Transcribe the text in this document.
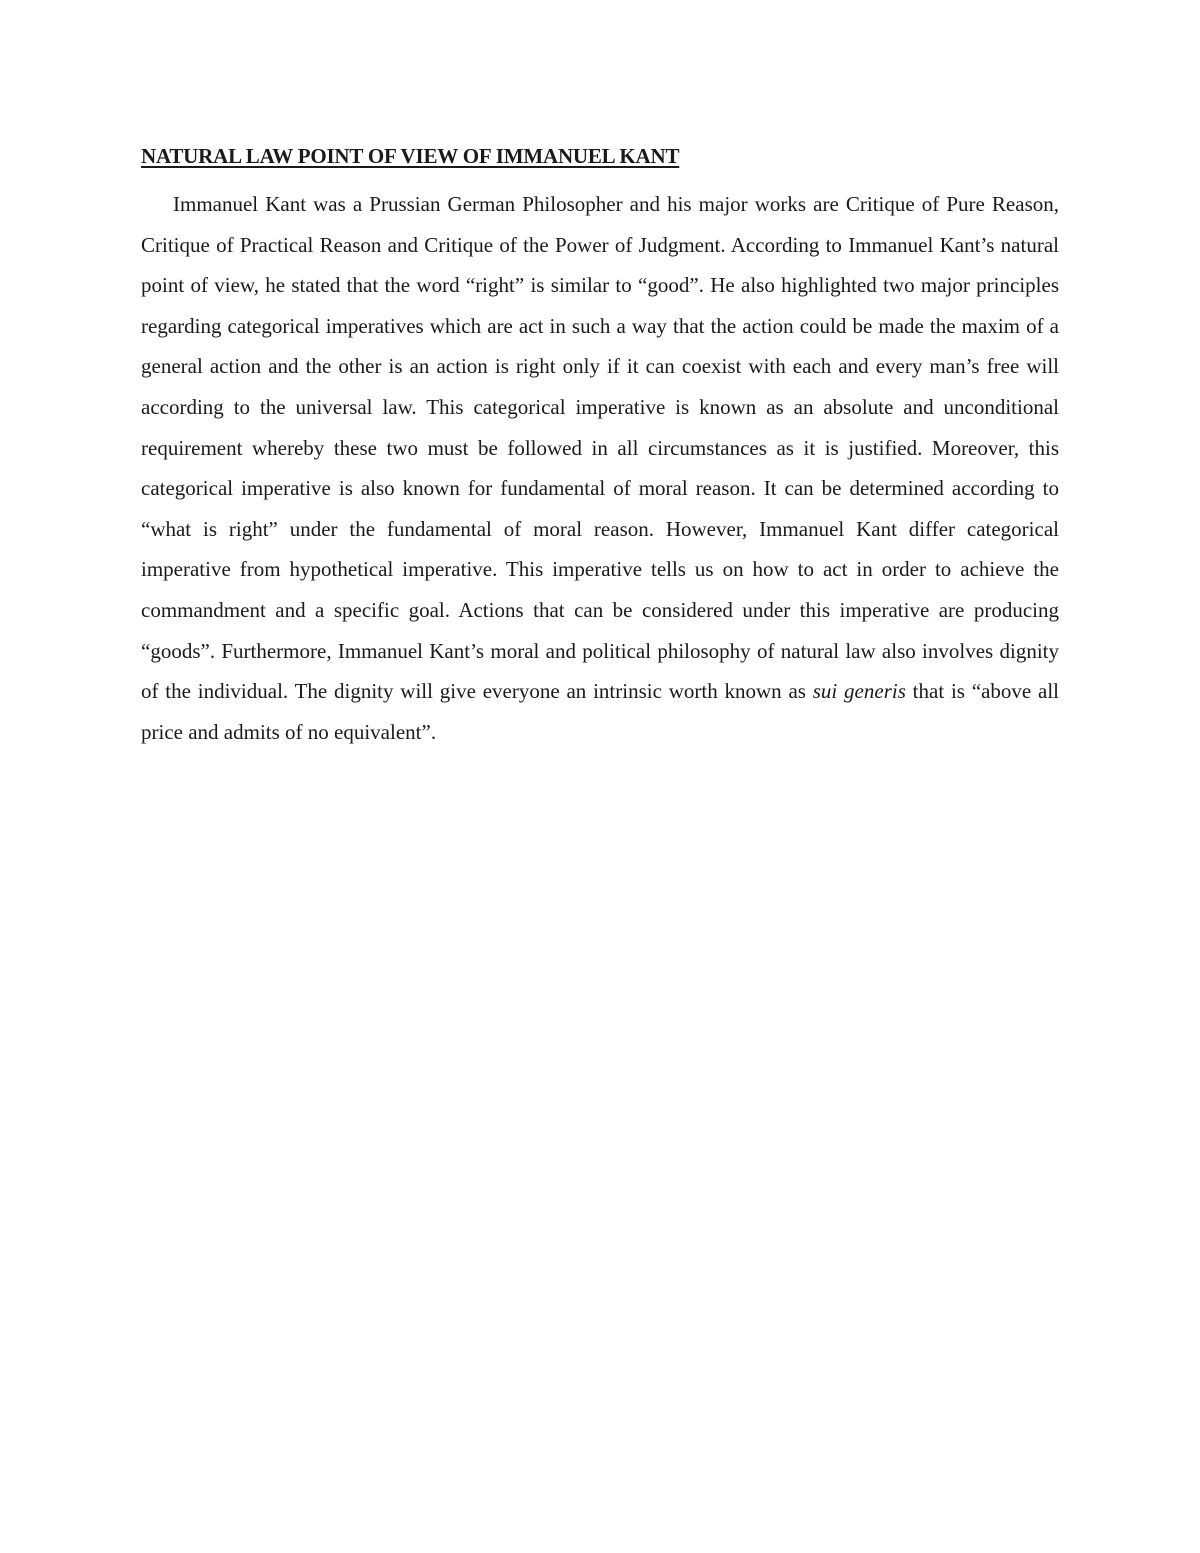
NATURAL LAW POINT OF VIEW OF IMMANUEL KANT

Immanuel Kant was a Prussian German Philosopher and his major works are Critique of Pure Reason, Critique of Practical Reason and Critique of the Power of Judgment. According to Immanuel Kant’s natural point of view, he stated that the word “right” is similar to “good”. He also highlighted two major principles regarding categorical imperatives which are act in such a way that the action could be made the maxim of a general action and the other is an action is right only if it can coexist with each and every man’s free will according to the universal law. This categorical imperative is known as an absolute and unconditional requirement whereby these two must be followed in all circumstances as it is justified. Moreover, this categorical imperative is also known for fundamental of moral reason. It can be determined according to “what is right” under the fundamental of moral reason. However, Immanuel Kant differ categorical imperative from hypothetical imperative. This imperative tells us on how to act in order to achieve the commandment and a specific goal. Actions that can be considered under this imperative are producing “goods”. Furthermore, Immanuel Kant’s moral and political philosophy of natural law also involves dignity of the individual. The dignity will give everyone an intrinsic worth known as sui generis that is “above all price and admits of no equivalent”.
